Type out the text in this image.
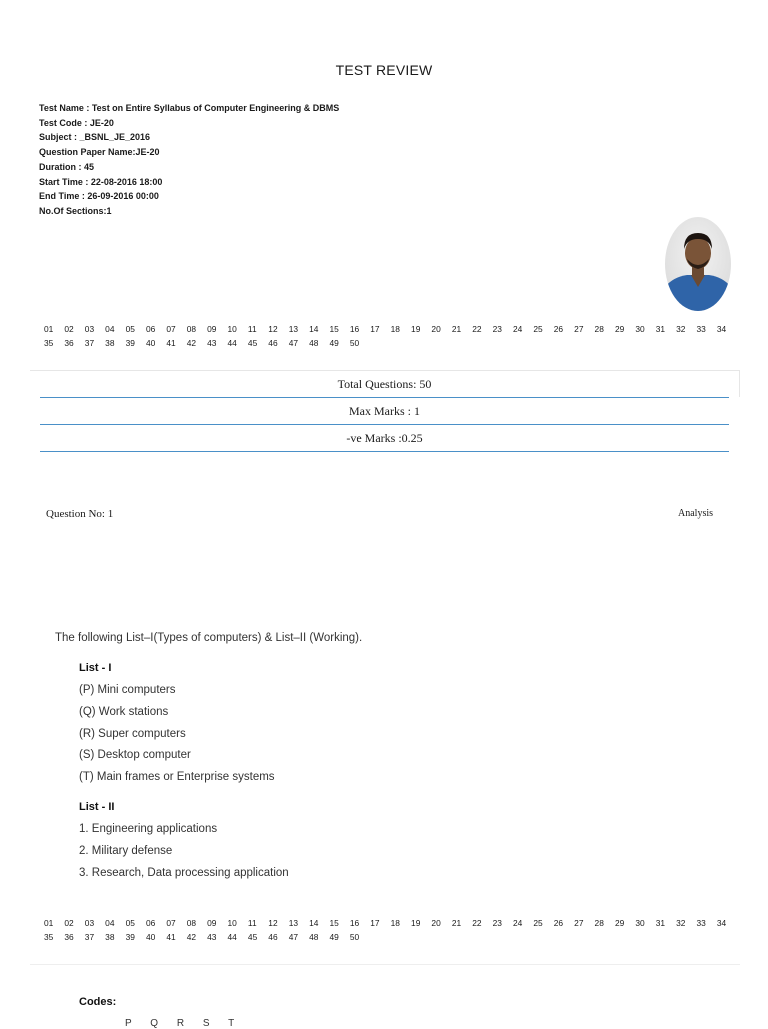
TEST REVIEW
Test Name : Test on Entire Syllabus of Computer Engineering & DBMS
Test Code : JE-20
Subject : _BSNL_JE_2016
Question Paper Name:JE-20
Duration : 45
Start Time : 22-08-2016 18:00
End Time : 26-09-2016 00:00
No.Of Sections:1
01	02	03	04	05	06	07	08	09	10	11	12	13	14	15	16	17	18	19	20	21	22	23	24	25	26	27	28	29	30	31	32	33	34
35	36	37	38	39	40	41	42	43	44	45	46	47	48	49	50
Total Questions: 50
Max Marks : 1
-ve Marks :0.25
Question No: 1	Analysis

The following List–I(Types of computers) & List–II (Working).

List - I
(P) Mini computers
(Q) Work stations
(R) Super computers
(S) Desktop computer
(T) Main frames or Enterprise systems
List - II
1. Engineering applications
2. Military defense
3. Research, Data processing application
01	02	03	04	05	06	07	08	09	10	11	12	13	14	15	16	17	18	19	20	21	22	23	24	25	26	27	28	29	30	31	32	33	34
35	36	37	38	39	40	41	42	43	44	45	46	47	48	49	50
Codes:
P Q R S T
